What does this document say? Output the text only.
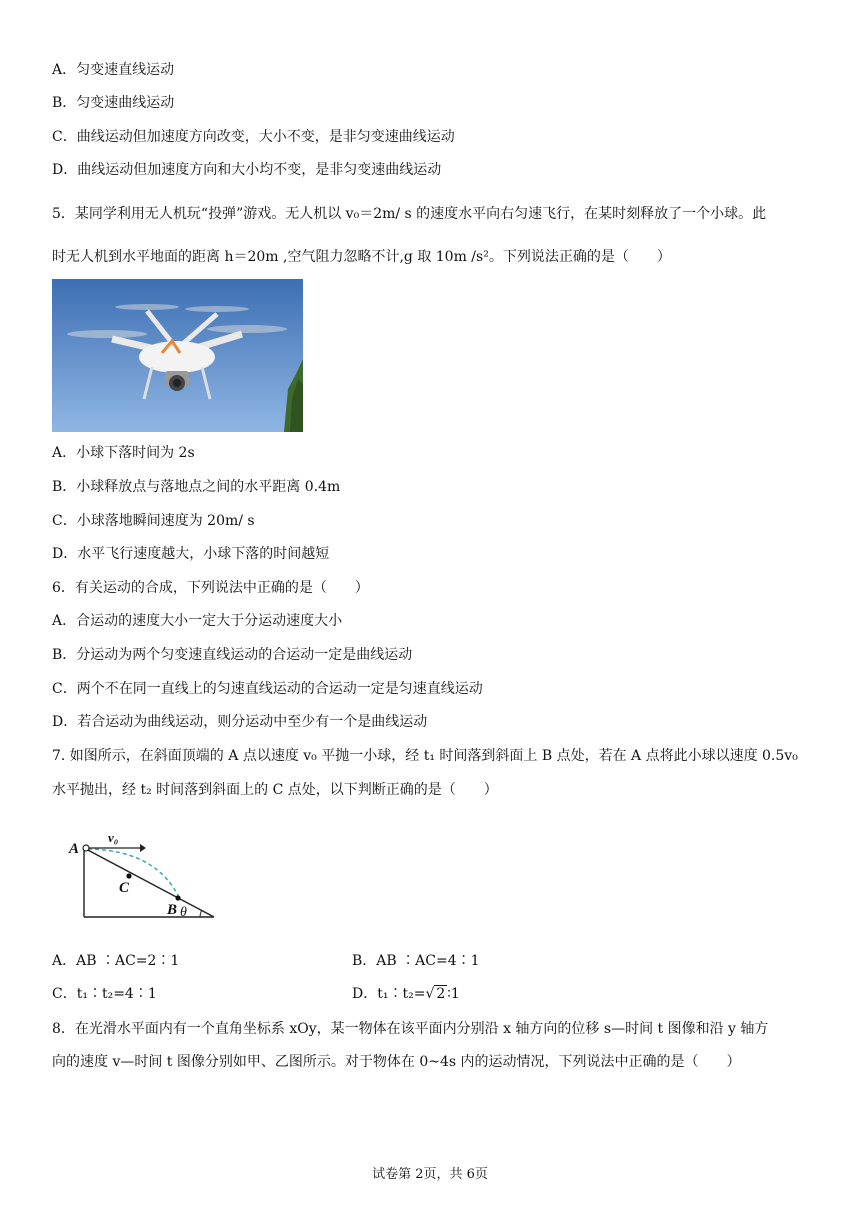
A．匀变速直线运动
B．匀变速曲线运动
C．曲线运动但加速度方向改变，大小不变，是非匀变速曲线运动
D．曲线运动但加速度方向和大小均不变，是非匀变速曲线运动
5．某同学利用无人机玩“投弹”游戏。无人机以 v₀＝2m/ s 的速度水平向右匀速飞行，在某时刻释放了一个小球。此
时无人机到水平地面的距离 h＝20m ,空气阻力忽略不计,g 取 10m /s²。下列说法正确的是（　　）
A．小球下落时间为 2s
B．小球释放点与落地点之间的水平距离 0.4m
C．小球落地瞬间速度为 20m/ s
D．水平飞行速度越大，小球下落的时间越短
6．有关运动的合成，下列说法中正确的是（　　）
A．合运动的速度大小一定大于分运动速度大小
B．分运动为两个匀变速直线运动的合运动一定是曲线运动
C．两个不在同一直线上的匀速直线运动的合运动一定是匀速直线运动
D．若合运动为曲线运动，则分运动中至少有一个是曲线运动
7. 如图所示，在斜面顶端的 A 点以速度 v₀ 平抛一小球，经 t₁ 时间落到斜面上 B 点处，若在 A 点将此小球以速度 0.5v₀
水平抛出，经 t₂ 时间落到斜面上的 C 点处，以下判断正确的是（　　）
A
v₀
C
B θ
A．AB ∶AC=2∶1	B．AB ∶AC=4∶1
C．t₁∶t₂=4∶1	D．t₁∶t₂=√ 2 ∶1
8．在光滑水平面内有一个直角坐标系 xOy，某一物体在该平面内分别沿 x 轴方向的位移 s—时间 t 图像和沿 y 轴方
向的速度 v—时间 t 图像分别如甲、乙图所示。对于物体在 0~4s 内的运动情况，下列说法中正确的是（　　）
试卷第 2页，共 6页
